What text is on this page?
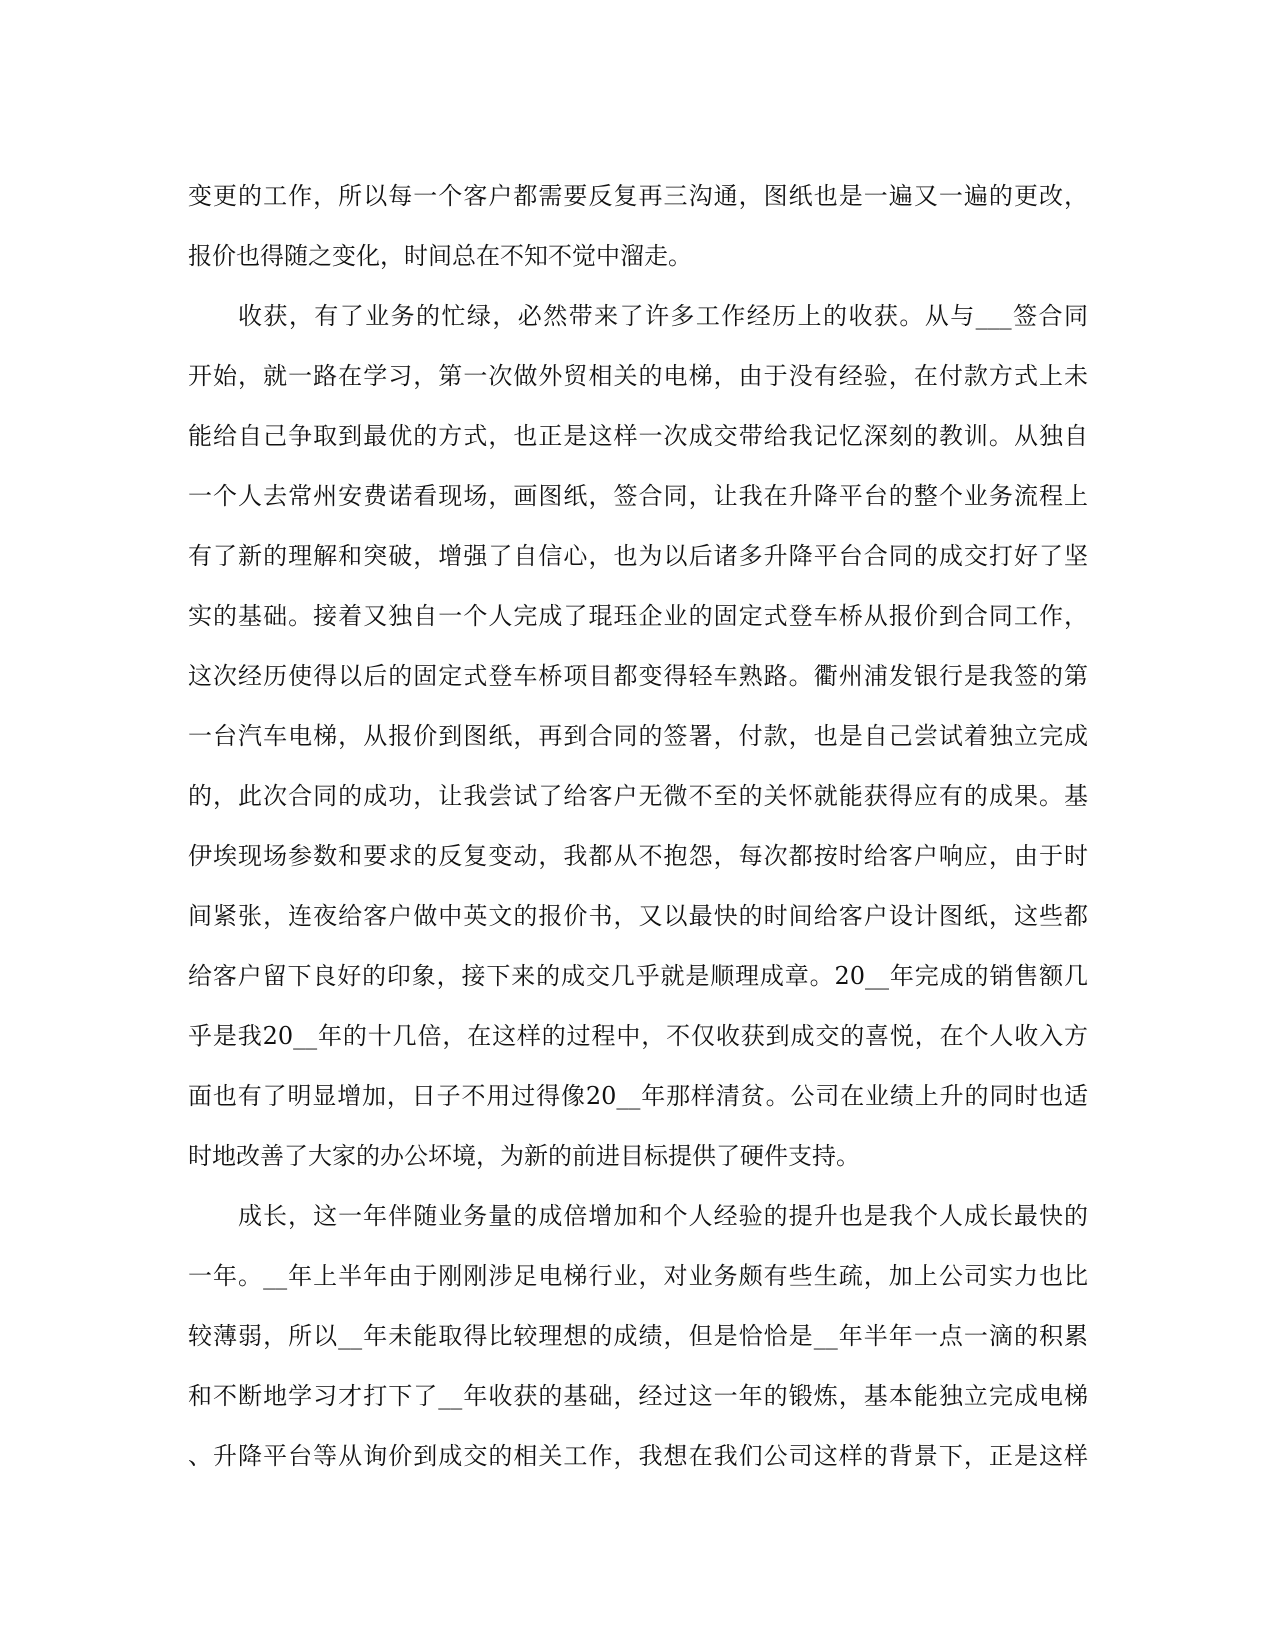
变更的工作，所以每一个客户都需要反复再三沟通，图纸也是一遍又一遍的更改，
报价也得随之变化，时间总在不知不觉中溜走。
收获，有了业务的忙绿，必然带来了许多工作经历上的收获。从与___签合同
开始，就一路在学习，第一次做外贸相关的电梯，由于没有经验，在付款方式上未
能给自己争取到最优的方式，也正是这样一次成交带给我记忆深刻的教训。从独自
一个人去常州安费诺看现场，画图纸，签合同，让我在升降平台的整个业务流程上
有了新的理解和突破，增强了自信心，也为以后诸多升降平台合同的成交打好了坚
实的基础。接着又独自一个人完成了琨珏企业的固定式登车桥从报价到合同工作，
这次经历使得以后的固定式登车桥项目都变得轻车熟路。衢州浦发银行是我签的第
一台汽车电梯，从报价到图纸，再到合同的签署，付款，也是自己尝试着独立完成
的，此次合同的成功，让我尝试了给客户无微不至的关怀就能获得应有的成果。基
伊埃现场参数和要求的反复变动，我都从不抱怨，每次都按时给客户响应，由于时
间紧张，连夜给客户做中英文的报价书，又以最快的时间给客户设计图纸，这些都
给客户留下良好的印象，接下来的成交几乎就是顺理成章。20__年完成的销售额几
乎是我20__年的十几倍，在这样的过程中，不仅收获到成交的喜悦，在个人收入方
面也有了明显增加，日子不用过得像20__年那样清贫。公司在业绩上升的同时也适
时地改善了大家的办公坏境，为新的前进目标提供了硬件支持。
成长，这一年伴随业务量的成倍增加和个人经验的提升也是我个人成长最快的
一年。__年上半年由于刚刚涉足电梯行业，对业务颇有些生疏，加上公司实力也比
较薄弱，所以__年未能取得比较理想的成绩，但是恰恰是__年半年一点一滴的积累
和不断地学习才打下了__年收获的基础，经过这一年的锻炼，基本能独立完成电梯
、升降平台等从询价到成交的相关工作，我想在我们公司这样的背景下，正是这样
